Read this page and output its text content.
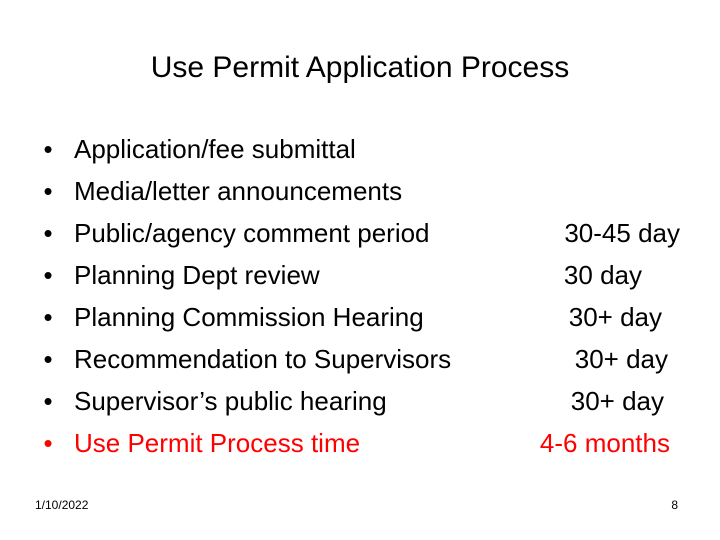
Use Permit Application Process
• Application/fee submittal
• Media/letter announcements
• Public/agency comment period	30-45 day
• Planning Dept review	30 day
• Planning Commission Hearing	30+ day
• Recommendation to Supervisors	30+ day
• Supervisor’s public hearing	30+ day
• Use Permit Process time	4-6 months
1/10/2022	8
